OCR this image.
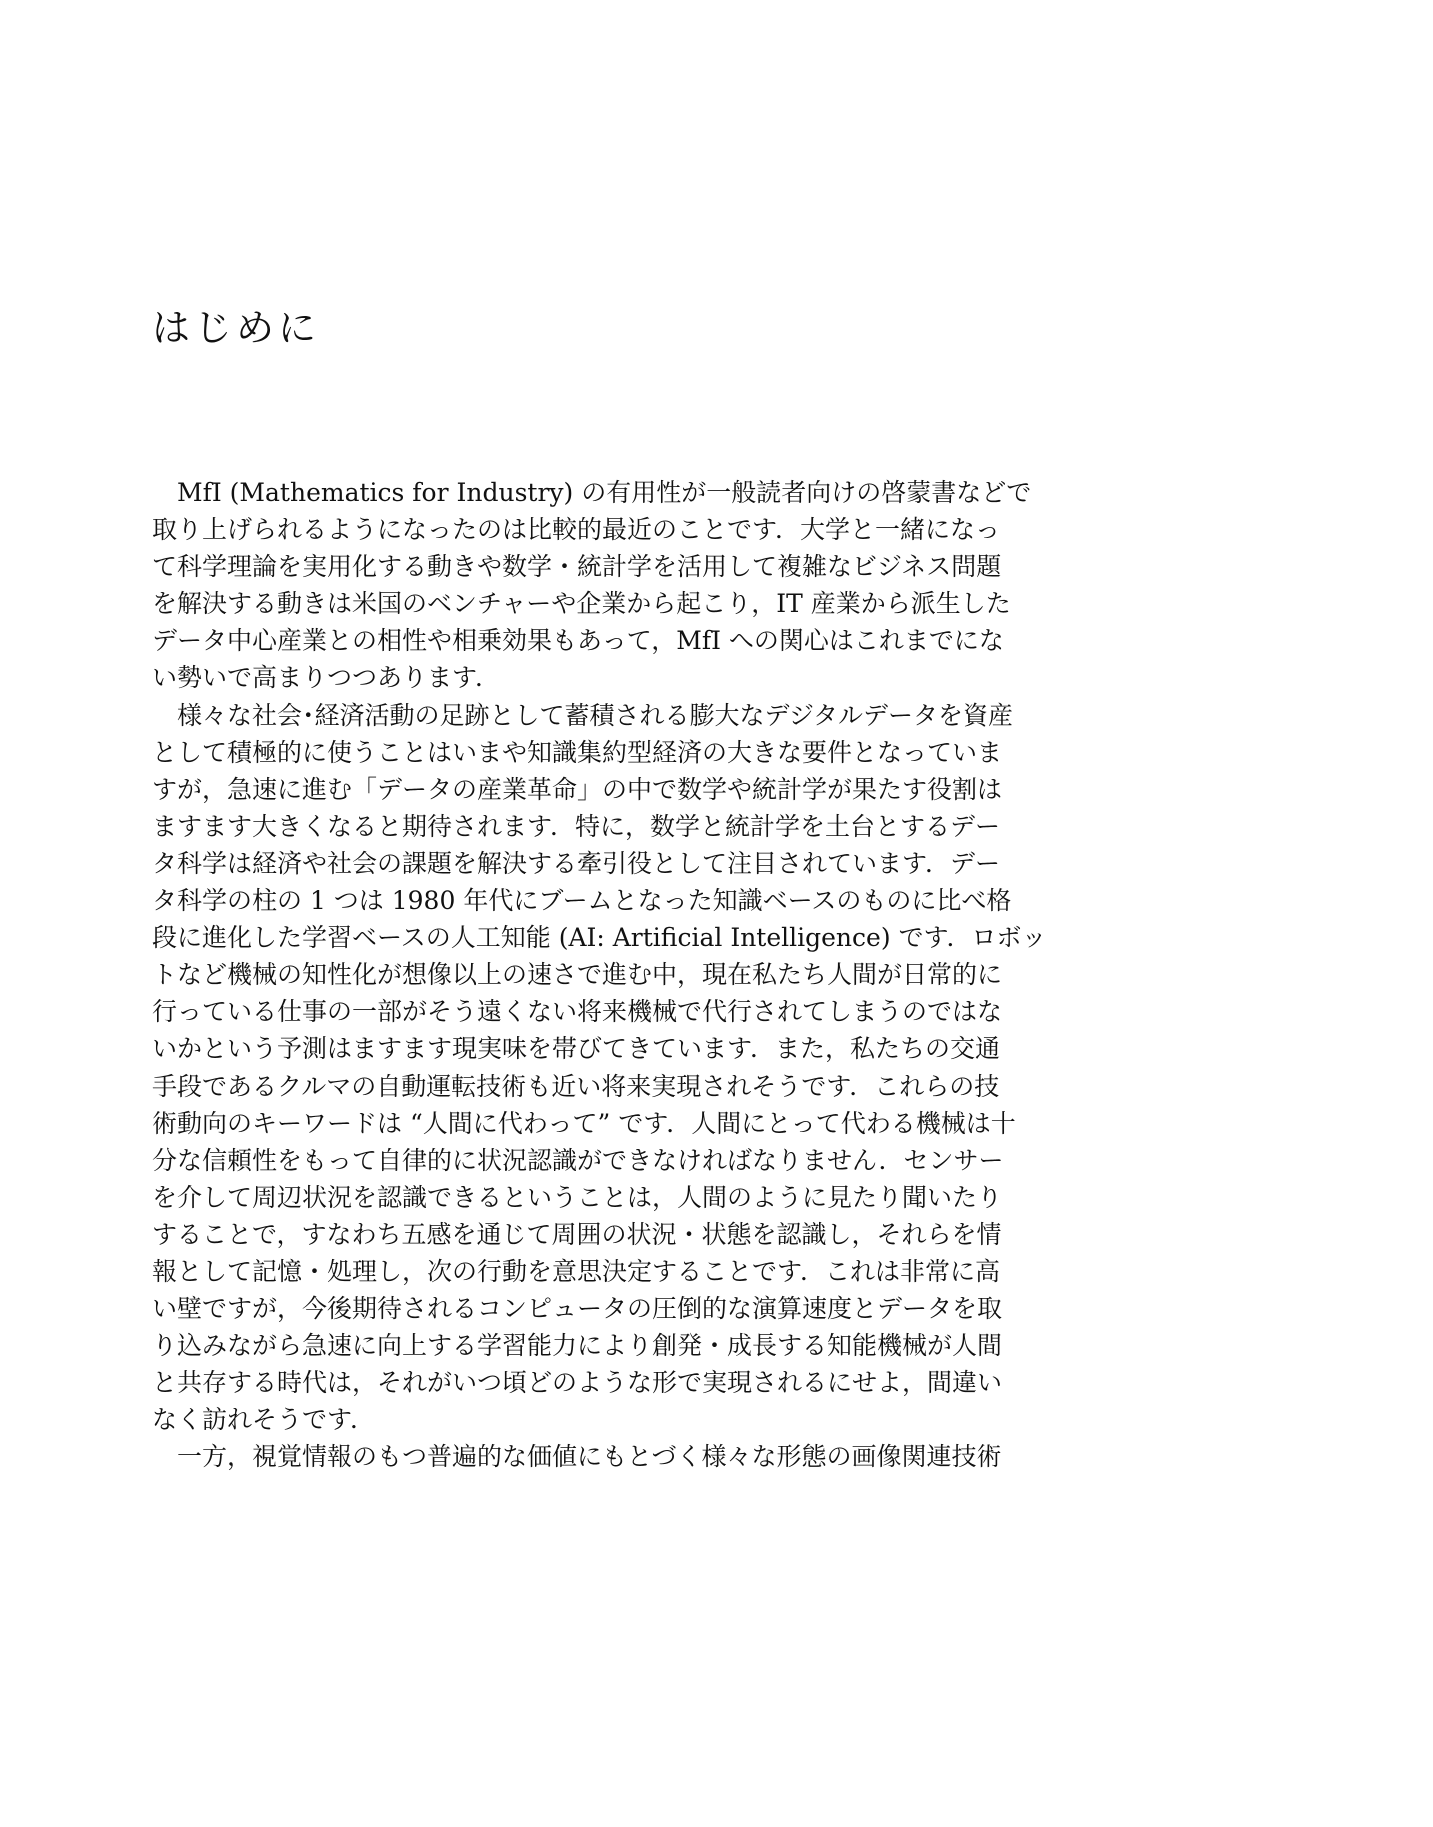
はじめに
MfI (Mathematics for Industry) の有用性が一般読者向けの啓蒙書などで
取り上げられるようになったのは比較的最近のことです．大学と一緒になっ
て科学理論を実用化する動きや数学・統計学を活用して複雑なビジネス問題
を解決する動きは米国のベンチャーや企業から起こり，IT 産業から派生した
データ中心産業との相性や相乗効果もあって，MfI への関心はこれまでにな
い勢いで高まりつつあります．
様々な社会･経済活動の足跡として蓄積される膨大なデジタルデータを資産
として積極的に使うことはいまや知識集約型経済の大きな要件となっていま
すが，急速に進む「データの産業革命」の中で数学や統計学が果たす役割は
ますます大きくなると期待されます．特に，数学と統計学を土台とするデー
タ科学は経済や社会の課題を解決する牽引役として注目されています．デー
タ科学の柱の 1 つは 1980 年代にブームとなった知識ベースのものに比べ格
段に進化した学習ベースの人工知能 (AI: Artificial Intelligence) です．ロボッ
トなど機械の知性化が想像以上の速さで進む中，現在私たち人間が日常的に
行っている仕事の一部がそう遠くない将来機械で代行されてしまうのではな
いかという予測はますます現実味を帯びてきています．また，私たちの交通
手段であるクルマの自動運転技術も近い将来実現されそうです．これらの技
術動向のキーワードは “人間に代わって” です．人間にとって代わる機械は十
分な信頼性をもって自律的に状況認識ができなければなりません．センサー
を介して周辺状況を認識できるということは，人間のように見たり聞いたり
することで，すなわち五感を通じて周囲の状況・状態を認識し，それらを情
報として記憶・処理し，次の行動を意思決定することです．これは非常に高
い壁ですが，今後期待されるコンピュータの圧倒的な演算速度とデータを取
り込みながら急速に向上する学習能力により創発・成長する知能機械が人間
と共存する時代は，それがいつ頃どのような形で実現されるにせよ，間違い
なく訪れそうです．
一方，視覚情報のもつ普遍的な価値にもとづく様々な形態の画像関連技術
